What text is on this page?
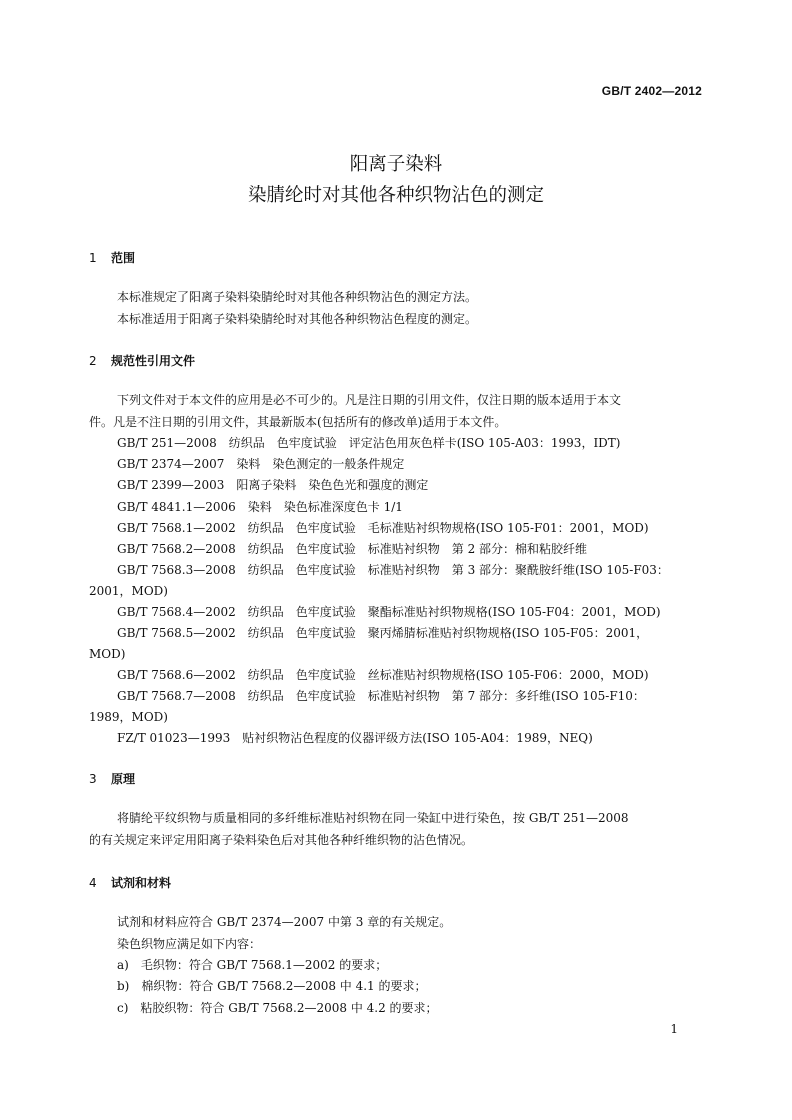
GB/T 2402—2012
阳离子染料
染腈纶时对其他各种织物沾色的测定
1 范围
本标准规定了阳离子染料染腈纶时对其他各种织物沾色的测定方法。
本标准适用于阳离子染料染腈纶时对其他各种织物沾色程度的测定。
2 规范性引用文件
下列文件对于本文件的应用是必不可少的。凡是注日期的引用文件，仅注日期的版本适用于本文
件。凡是不注日期的引用文件，其最新版本(包括所有的修改单)适用于本文件。
GB/T 251—2008　纺织品　色牢度试验　评定沾色用灰色样卡(ISO 105-A03：1993，IDT)
GB/T 2374—2007　染料　染色测定的一般条件规定
GB/T 2399—2003　阳离子染料　染色色光和强度的测定
GB/T 4841.1—2006　染料　染色标准深度色卡 1/1
GB/T 7568.1—2002　纺织品　色牢度试验　毛标准贴衬织物规格(ISO 105-F01：2001，MOD)
GB/T 7568.2—2008　纺织品　色牢度试验　标准贴衬织物　第 2 部分：棉和粘胶纤维
GB/T 7568.3—2008　纺织品　色牢度试验　标准贴衬织物　第 3 部分：聚酰胺纤维(ISO 105-F03：
2001，MOD)
GB/T 7568.4—2002　纺织品　色牢度试验　聚酯标准贴衬织物规格(ISO 105-F04：2001，MOD)
GB/T 7568.5—2002　纺织品　色牢度试验　聚丙烯腈标准贴衬织物规格(ISO 105-F05：2001，
MOD)
GB/T 7568.6—2002　纺织品　色牢度试验　丝标准贴衬织物规格(ISO 105-F06：2000，MOD)
GB/T 7568.7—2008　纺织品　色牢度试验　标准贴衬织物　第 7 部分：多纤维(ISO 105-F10：
1989，MOD)
FZ/T 01023—1993　贴衬织物沾色程度的仪器评级方法(ISO 105-A04：1989，NEQ)
3 原理
将腈纶平纹织物与质量相同的多纤维标准贴衬织物在同一染缸中进行染色，按 GB/T 251—2008
的有关规定来评定用阳离子染料染色后对其他各种纤维织物的沾色情况。
4 试剂和材料
试剂和材料应符合 GB/T 2374—2007 中第 3 章的有关规定。
染色织物应满足如下内容：
a)　毛织物：符合 GB/T 7568.1—2002 的要求；
b)　棉织物：符合 GB/T 7568.2—2008 中 4.1 的要求；
c)　粘胶织物：符合 GB/T 7568.2—2008 中 4.2 的要求；
1
